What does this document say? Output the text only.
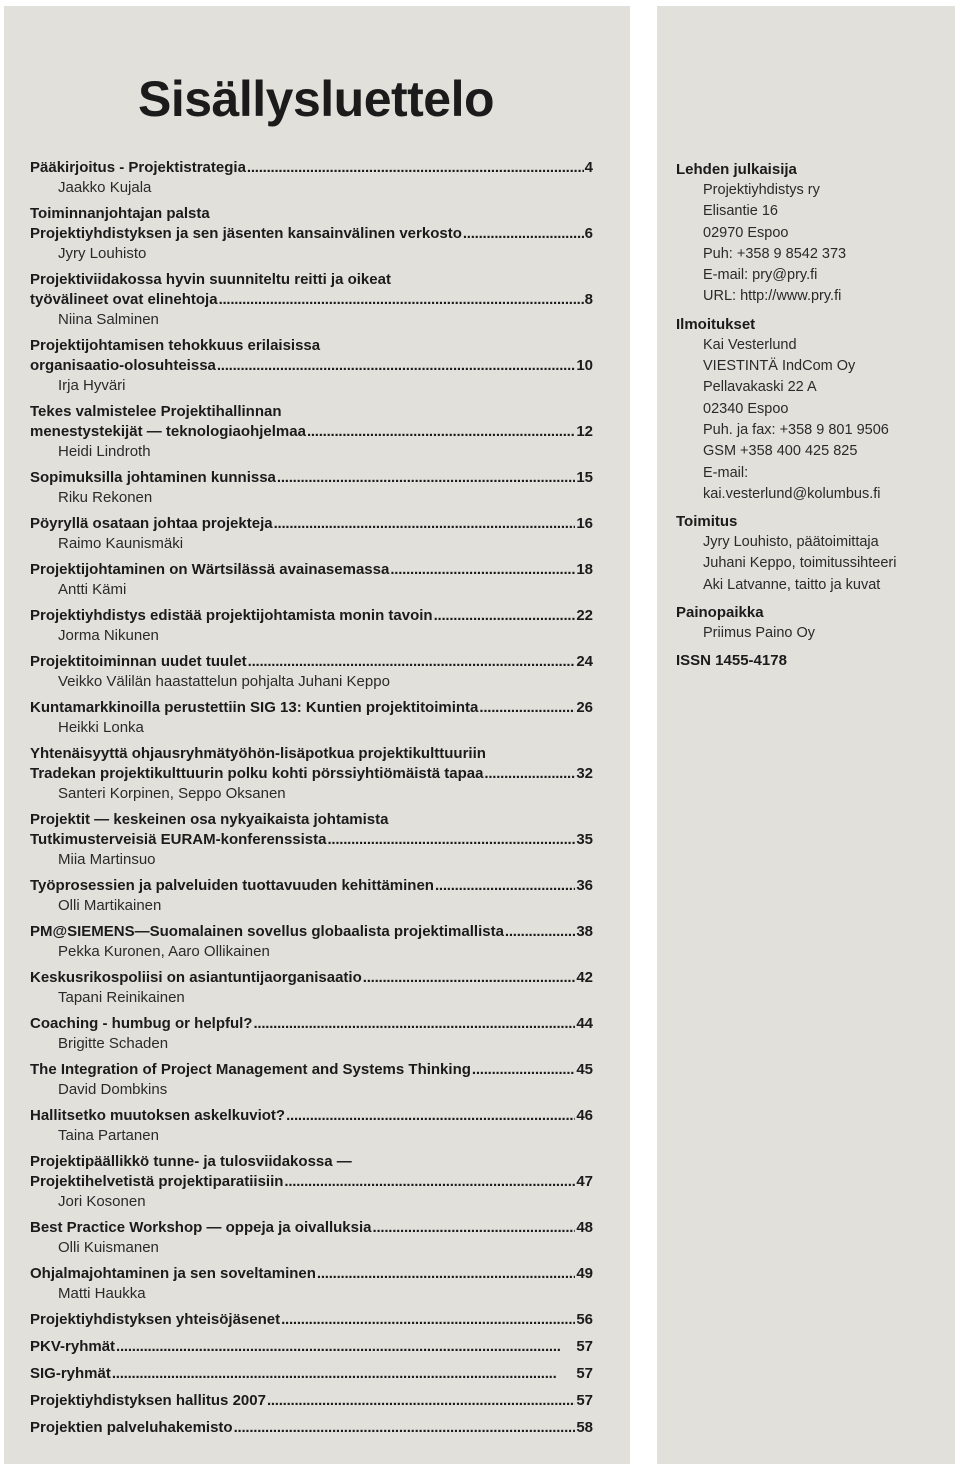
Sisällysluettelo
Pääkirjoitus - Projektistrategia . . .	4
Jaakko Kujala
Toiminnanjohtajan palsta
Projektiyhdistyksen ja sen jäsenten kansainvälinen verkosto . . .	6
Jyry Louhisto
Projektiviidakossa hyvin suunniteltu reitti ja oikeat
työvälineet ovat elinehtoja . . .	8
Niina Salminen
Projektijohtamisen tehokkuus erilaisissa
organisaatio-olosuhteissa . . .	10
Irja Hyväri
Tekes valmistelee Projektihallinnan
menestystekijät — teknologiaohjelmaa . . .	12
Heidi Lindroth
Sopimuksilla johtaminen kunnissa . . .	15
Riku Rekonen
Pöyryllä osataan johtaa projekteja . . .	16
Raimo Kaunismäki
Projektijohtaminen on Wärtsilässä avainasemassa . . .	18
Antti Kämi
Projektiyhdistys edistää projektijohtamista monin tavoin . . .	22
Jorma Nikunen
Projektitoiminnan uudet tuulet . . .	24
Veikko Välilän haastattelun pohjalta Juhani Keppo
Kuntamarkkinoilla perustettiin SIG 13: Kuntien projektitoiminta . . .	26
Heikki Lonka
Yhtenäisyyttä ohjausryhmätyöhön-lisäpotkua projektikulttuuriin
Tradekan projektikulttuurin polku kohti pörssiyhtiömäistä tapaa . . .	32
Santeri Korpinen, Seppo Oksanen
Projektit — keskeinen osa nykyaikaista johtamista
Tutkimusterveisiä EURAM-konferenssista . . .	35
Miia Martinsuo
Työprosessien ja palveluiden tuottavuuden kehittäminen . . .	36
Olli Martikainen
PM@SIEMENS—Suomalainen sovellus globaalista projektimallista . . .	38
Pekka Kuronen, Aaro Ollikainen
Keskusrikospoliisi on asiantuntijaorganisaatio . . .	42
Tapani Reinikainen
Coaching - humbug or helpful? . . .	44
Brigitte Schaden
The Integration of Project Management and Systems Thinking . . .	45
David Dombkins
Hallitsetko muutoksen askelkuviot? . . .	46
Taina Partanen
Projektipäällikkö tunne- ja tulosviidakossa —
Projektihelvetistä projektiparatiisiin . . .	47
Jori Kosonen
Best Practice Workshop — oppeja ja oivalluksia . . .	48
Olli Kuismanen
Ohjalmajohtaminen ja sen soveltaminen . . .	49
Matti Haukka
Projektiyhdistyksen yhteisöjäsenet . . .	56
PKV-ryhmät . . .	57
SIG-ryhmät . . .	57
Projektiyhdistyksen hallitus 2007 . . .	57
Projektien palveluhakemisto . . .	58
Lehden julkaisija
Projektiyhdistys ry
Elisantie 16
02970 Espoo
Puh: +358 9 8542 373
E-mail: pry@pry.fi
URL: http://www.pry.fi
Ilmoitukset
Kai Vesterlund
VIESTINTÄ IndCom Oy
Pellavakaski 22 A
02340 Espoo
Puh. ja fax: +358 9 801 9506
GSM +358 400 425 825
E-mail:
kai.vesterlund@kolumbus.fi
Toimitus
Jyry Louhisto, päätoimittaja
Juhani Keppo, toimitussihteeri
Aki Latvanne, taitto ja kuvat
Painopaikka
Priimus Paino Oy
ISSN 1455-4178
